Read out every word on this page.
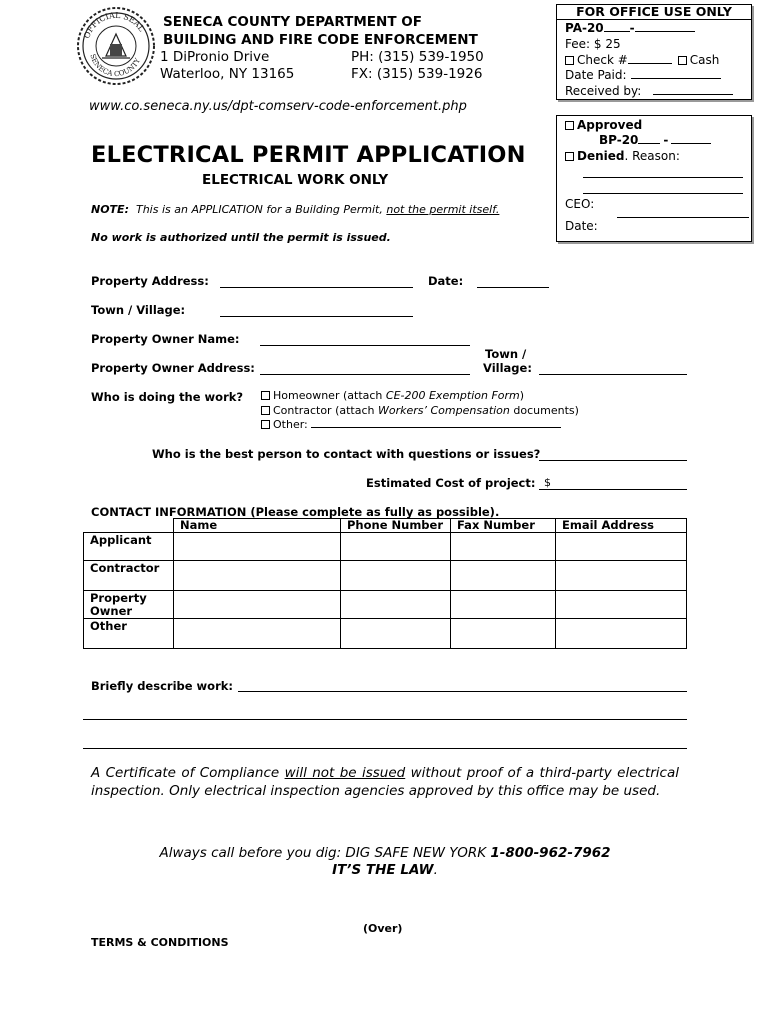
OFFICIAL SEAL
SENECA COUNTY
SENECA COUNTY DEPARTMENT OF
BUILDING AND FIRE CODE ENFORCEMENT
1 DiPronio Drive
Waterloo, NY 13165
PH: (315) 539-1950
FX: (315) 539-1926
www.co.seneca.ny.us/dpt-comserv-code-enforcement.php
FOR OFFICE USE ONLY
PA-20 -
Fee: $ 25
Check #	Cash
Date Paid:
Received by:
Approved
BP-20 -
Denied. Reason:
CEO:
Date:
ELECTRICAL PERMIT APPLICATION
ELECTRICAL WORK ONLY
NOTE: This is an APPLICATION for a Building Permit, not the permit itself.
No work is authorized until the permit is issued.
Property Address:	Date:
Town / Village:
Property Owner Name:
Town /
Property Owner Address:	Village:
Who is doing the work?	Homeowner (attach CE-200 Exemption Form)
Contractor (attach Workers’ Compensation documents)
Other:
Who is the best person to contact with questions or issues?
Estimated Cost of project: $
CONTACT INFORMATION (Please complete as fully as possible).
	Name	Phone Number	Fax Number	Email Address
Applicant				
Contractor				
Property Owner				
Other				
Briefly describe work:
A Certificate of Compliance will not be issued without proof of a third-party electrical inspection. Only electrical inspection agencies approved by this office may be used.
Always call before you dig: DIG SAFE NEW YORK 1-800-962-7962
IT’S THE LAW.
(Over)
TERMS & CONDITIONS
